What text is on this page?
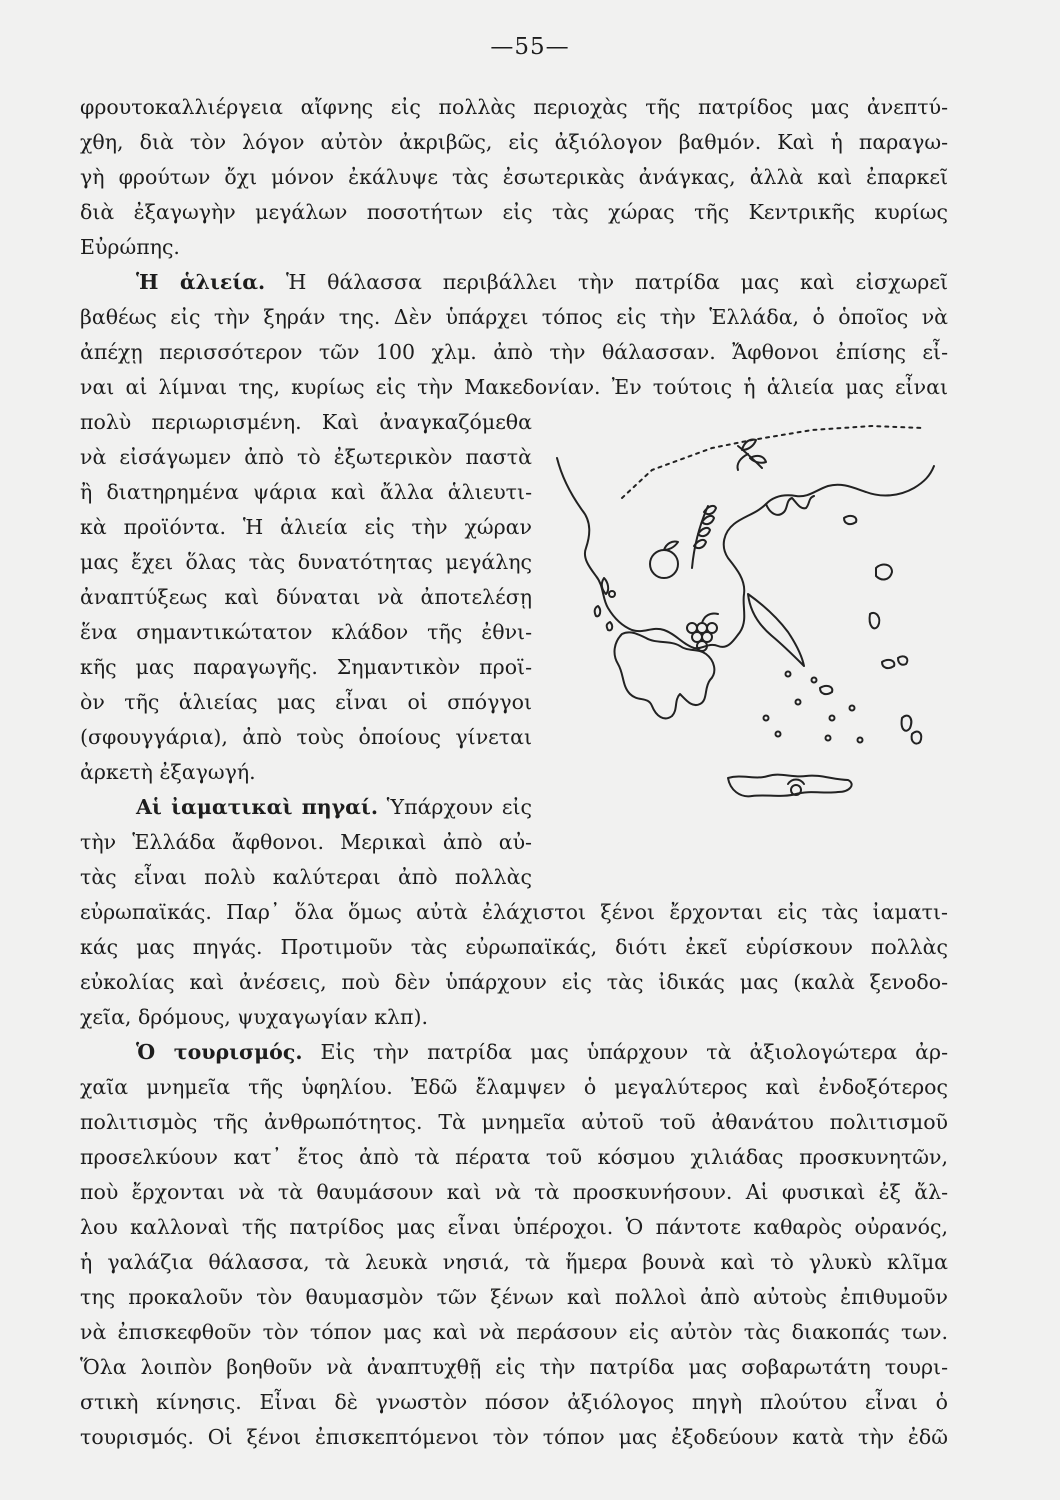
—55—
φρουτοκαλλιέργεια αἴφνης εἰς πολλὰς περιοχὰς τῆς πατρίδος μας ἀνεπτύ-
χθη, διὰ τὸν λόγον αὐτὸν ἀκριβῶς, εἰς ἀξιόλογον βαθμόν. Καὶ ἡ παραγω-
γὴ φρούτων ὄχι μόνον ἐκάλυψε τὰς ἐσωτερικὰς ἀνάγκας, ἀλλὰ καὶ ἐπαρκεῖ
διὰ ἐξαγωγὴν μεγάλων ποσοτήτων εἰς τὰς χώρας τῆς Κεντρικῆς κυρίως
Εὐρώπης.
Ἡ ἁλιεία. Ἡ θάλασσα περιβάλλει τὴν πατρίδα μας καὶ εἰσχωρεῖ
βαθέως εἰς τὴν ξηράν της. Δὲν ὑπάρχει τόπος εἰς τὴν Ἑλλάδα, ὁ ὁποῖος νὰ
ἀπέχῃ περισσότερον τῶν 100 χλμ. ἀπὸ τὴν θάλασσαν. Ἄφθονοι ἐπίσης εἶ-
ναι αἱ λίμναι της, κυρίως εἰς τὴν Μακεδονίαν. Ἐν τούτοις ἡ ἁλιεία μας εἶναι
πολὺ περιωρισμένη. Καὶ ἀναγκαζόμεθα
νὰ εἰσάγωμεν ἀπὸ τὸ ἐξωτερικὸν παστὰ
ἢ διατηρημένα ψάρια καὶ ἄλλα ἁλιευτι-
κὰ προϊόντα. Ἡ ἁλιεία εἰς τὴν χώραν
μας ἔχει ὅλας τὰς δυνατότητας μεγάλης
ἀναπτύξεως καὶ δύναται νὰ ἀποτελέσῃ
ἕνα σημαντικώτατον κλάδον τῆς ἐθνι-
κῆς μας παραγωγῆς. Σημαντικὸν προϊ-
ὸν τῆς ἁλιείας μας εἶναι οἱ σπόγγοι
(σφουγγάρια), ἀπὸ τοὺς ὁποίους γίνεται
ἀρκετὴ ἐξαγωγή.
Αἱ ἰαματικαὶ πηγαί. Ὑπάρχουν εἰς
τὴν Ἑλλάδα ἄφθονοι. Μερικαὶ ἀπὸ αὐ-
τὰς εἶναι πολὺ καλύτεραι ἀπὸ πολλὰς
εὐρωπαϊκάς. Παρ᾽ ὅλα ὅμως αὐτὰ ἐλάχιστοι ξένοι ἔρχονται εἰς τὰς ἰαματι-
κάς μας πηγάς. Προτιμοῦν τὰς εὐρωπαϊκάς, διότι ἐκεῖ εὑρίσκουν πολλὰς
εὐκολίας καὶ ἀνέσεις, ποὺ δὲν ὑπάρχουν εἰς τὰς ἰδικάς μας (καλὰ ξενοδο-
χεῖα, δρόμους, ψυχαγωγίαν κλπ).
Ὁ τουρισμός. Εἰς τὴν πατρίδα μας ὑπάρχουν τὰ ἀξιολογώτερα ἀρ-
χαῖα μνημεῖα τῆς ὑφηλίου. Ἐδῶ ἔλαμψεν ὁ μεγαλύτερος καὶ ἐνδοξότερος
πολιτισμὸς τῆς ἀνθρωπότητος. Τὰ μνημεῖα αὐτοῦ τοῦ ἀθανάτου πολιτισμοῦ
προσελκύουν κατ᾽ ἔτος ἀπὸ τὰ πέρατα τοῦ κόσμου χιλιάδας προσκυνητῶν,
ποὺ ἔρχονται νὰ τὰ θαυμάσουν καὶ νὰ τὰ προσκυνήσουν. Αἱ φυσικαὶ ἐξ ἄλ-
λου καλλοναὶ τῆς πατρίδος μας εἶναι ὑπέροχοι. Ὁ πάντοτε καθαρὸς οὐρανός,
ἡ γαλάζια θάλασσα, τὰ λευκὰ νησιά, τὰ ἥμερα βουνὰ καὶ τὸ γλυκὺ κλῖμα
της προκαλοῦν τὸν θαυμασμὸν τῶν ξένων καὶ πολλοὶ ἀπὸ αὐτοὺς ἐπιθυμοῦν
νὰ ἐπισκεφθοῦν τὸν τόπον μας καὶ νὰ περάσουν εἰς αὐτὸν τὰς διακοπάς των.
Ὅλα λοιπὸν βοηθοῦν νὰ ἀναπτυχθῇ εἰς τὴν πατρίδα μας σοβαρωτάτη τουρι-
στικὴ κίνησις. Εἶναι δὲ γνωστὸν πόσον ἀξιόλογος πηγὴ πλούτου εἶναι ὁ
τουρισμός. Οἱ ξένοι ἐπισκεπτόμενοι τὸν τόπον μας ἐξοδεύουν κατὰ τὴν ἐδῶ
